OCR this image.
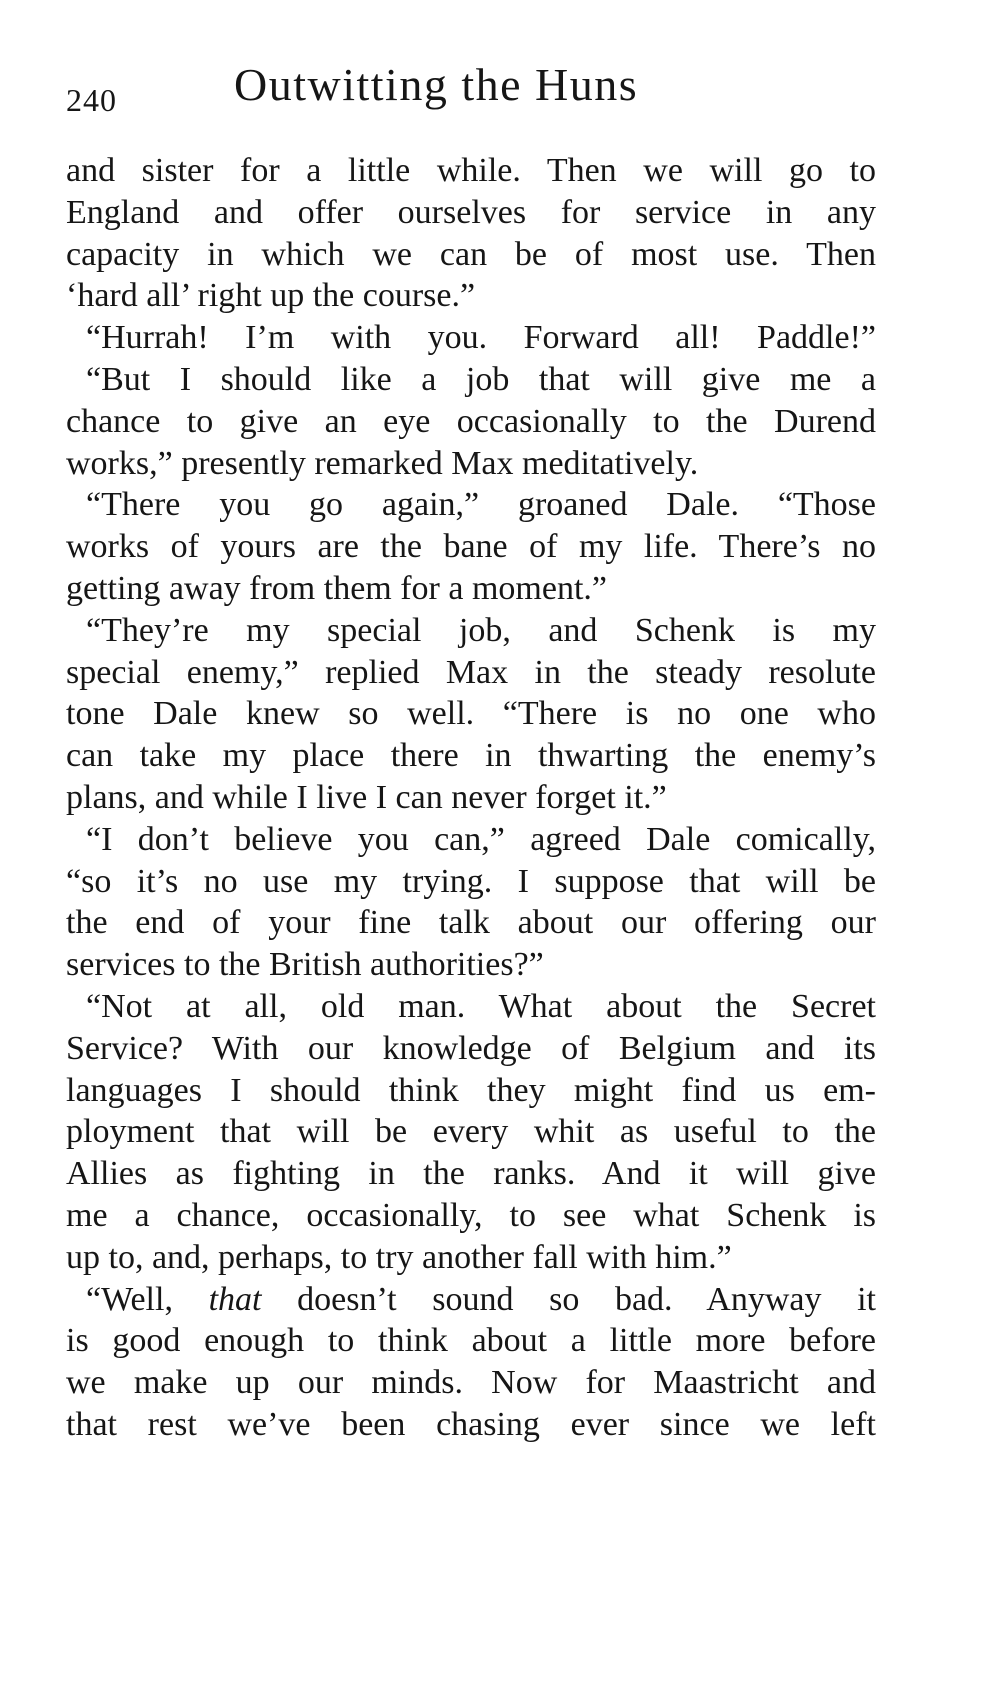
240	Outwitting the Huns
and sister for a little while. Then we will go to
England and offer ourselves for service in any
capacity in which we can be of most use. Then
‘hard all’ right up the course.”
“Hurrah! I’m with you. Forward all! Paddle!”
“But I should like a job that will give me a
chance to give an eye occasionally to the Durend
works,” presently remarked Max meditatively.
“There you go again,” groaned Dale. “Those
works of yours are the bane of my life. There’s no
getting away from them for a moment.”
“They’re my special job, and Schenk is my
special enemy,” replied Max in the steady resolute
tone Dale knew so well. “There is no one who
can take my place there in thwarting the enemy’s
plans, and while I live I can never forget it.”
“I don’t believe you can,” agreed Dale comically,
“so it’s no use my trying. I suppose that will be
the end of your fine talk about our offering our
services to the British authorities?”
“Not at all, old man. What about the Secret
Service? With our knowledge of Belgium and its
languages I should think they might find us em-
ployment that will be every whit as useful to the
Allies as fighting in the ranks. And it will give
me a chance, occasionally, to see what Schenk is
up to, and, perhaps, to try another fall with him.”
“Well, that doesn’t sound so bad. Anyway it
is good enough to think about a little more before
we make up our minds. Now for Maastricht and
that rest we’ve been chasing ever since we left
